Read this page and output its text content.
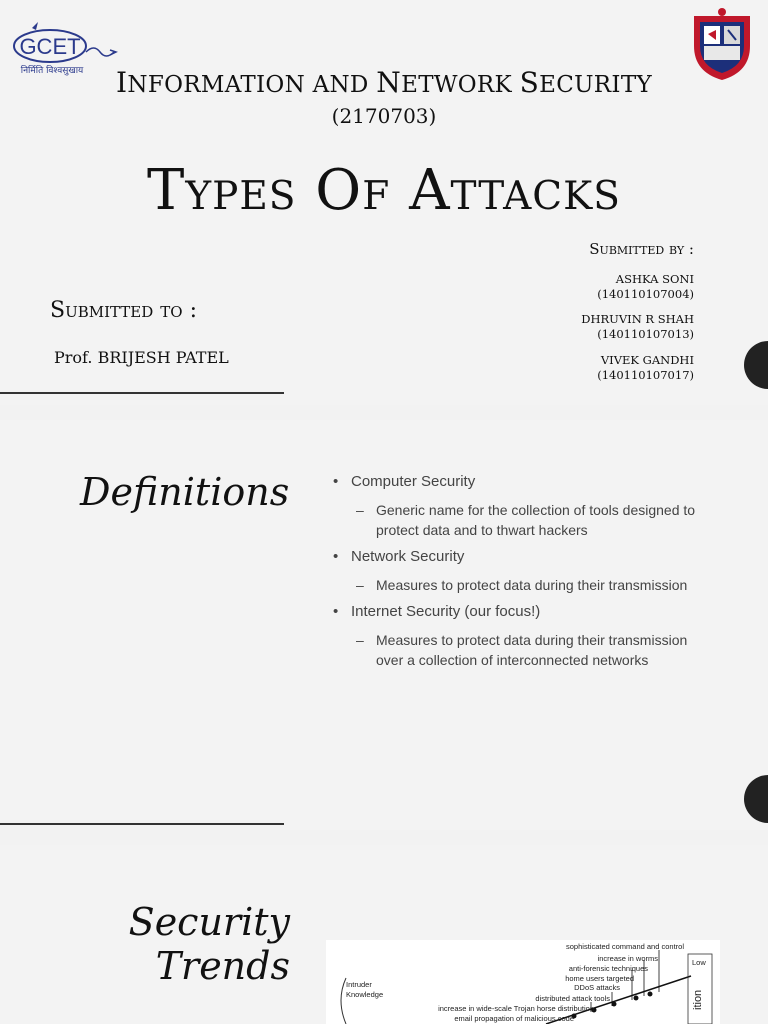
GCET
निर्मिति विश्वसुखाय	INFORMATION AND NETWORK SECURITY
(2170703)
Types Of Attacks
Submitted by :
ASHKA SONI
(140110107004)
DHRUVIN R SHAH
(140110107013)
VIVEK GANDHI
(140110107017)
Submitted to :
Prof. BRIJESH PATEL
Definitions	• Computer Security
– Generic name for the collection of tools designed to
protect data and to thwart hackers
• Network Security
– Measures to protect data during their transmission
• Internet Security (our focus!)
– Measures to protect data during their transmission
over a collection of interconnected networks
Security
Trends	sophisticated command and control
increase in worms
anti-forensic techniques
home users targeted
DDoS attacks
distributed attack tools
increase in wide-scale Trojan horse distribution
email propagation of malicious code
Intruder
Knowledge
Low
ition
